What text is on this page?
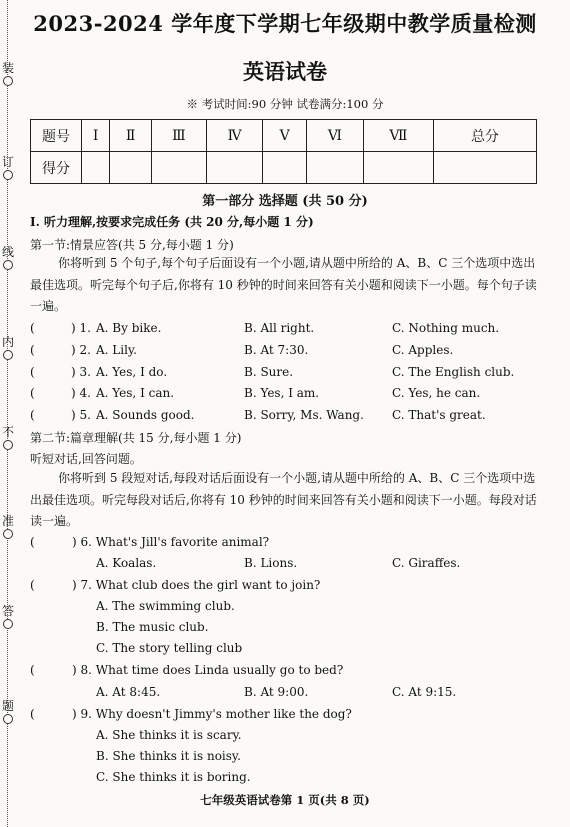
装
订
线
内
不
准
答
题
2023-2024 学年度下学期七年级期中教学质量检测
英语试卷
※ 考试时间:90 分钟 试卷满分:100 分
题号	Ⅰ	Ⅱ	Ⅲ	Ⅳ	Ⅴ	Ⅵ	Ⅶ	总分
得分								
第一部分 选择题 (共 50 分)
Ⅰ. 听力理解,按要求完成任务 (共 20 分,每小题 1 分)
第一节:情景应答(共 5 分,每小题 1 分)
你将听到 5 个句子,每个句子后面设有一个小题,请从题中所给的 A、B、C 三个选项中选出最佳选项。听完每个句子后,你将有 10 秒钟的时间来回答有关小题和阅读下一小题。每个句子读一遍。
(	) 1. A. By bike.	B. All right.	C. Nothing much.
(	) 2. A. Lily.	B. At 7:30.	C. Apples.
(	) 3. A. Yes, I do.	B. Sure.	C. The English club.
(	) 4. A. Yes, I can.	B. Yes, I am.	C. Yes, he can.
(	) 5. A. Sounds good.	B. Sorry, Ms. Wang. C. That's great.
第二节:篇章理解(共 15 分,每小题 1 分)
听短对话,回答问题。
你将听到 5 段短对话,每段对话后面设有一个小题,请从题中所给的 A、B、C 三个选项中选出最佳选项。听完每段对话后,你将有 10 秒钟的时间来回答有关小题和阅读下一小题。每段对话读一遍。
(	) 6. What's Jill's favorite animal?
A. Koalas.	B. Lions.	C. Giraffes.
(	) 7. What club does the girl want to join?
A. The swimming club.
B. The music club.
C. The story telling club
(	) 8. What time does Linda usually go to bed?
A. At 8:45.	B. At 9:00.	C. At 9:15.
(	) 9. Why doesn't Jimmy's mother like the dog?
A. She thinks it is scary.
B. She thinks it is noisy.
C. She thinks it is boring.
七年级英语试卷第 1 页(共 8 页)
